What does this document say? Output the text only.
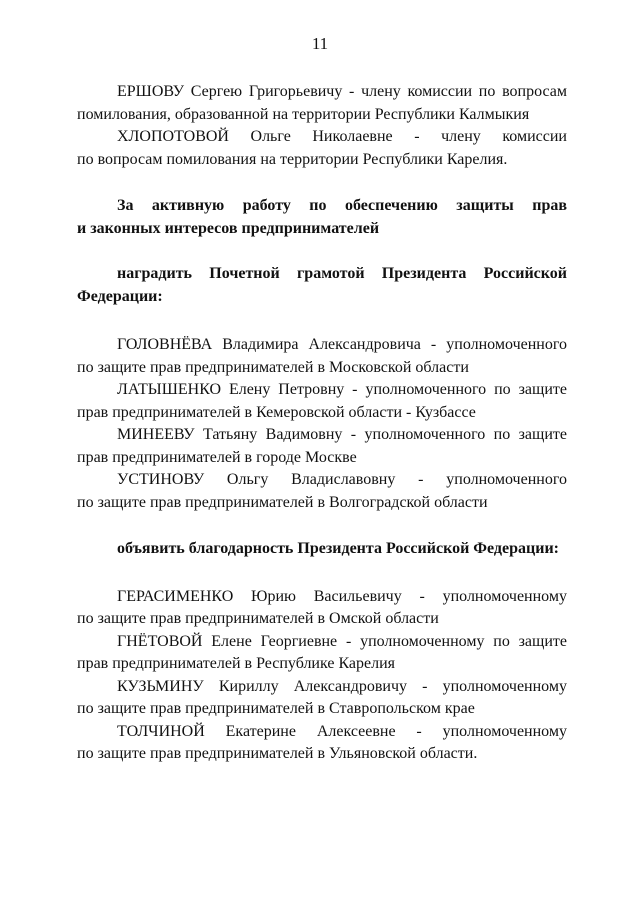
11
ЕРШОВУ Сергею Григорьевичу - члену комиссии по вопросам
помилования, образованной на территории Республики Калмыкия
ХЛОПОТОВОЙ Ольге Николаевне - члену комиссии
по вопросам помилования на территории Республики Карелия.
За активную работу по обеспечению защиты прав
и законных интересов предпринимателей
наградить Почетной грамотой Президента Российской
Федерации:
ГОЛОВНЁВА Владимира Александровича - уполномоченного
по защите прав предпринимателей в Московской области
ЛАТЫШЕНКО Елену Петровну - уполномоченного по защите
прав предпринимателей в Кемеровской области - Кузбассе
МИНЕЕВУ Татьяну Вадимовну - уполномоченного по защите
прав предпринимателей в городе Москве
УСТИНОВУ Ольгу Владиславовну - уполномоченного
по защите прав предпринимателей в Волгоградской области

объявить благодарность Президента Российской Федерации:

ГЕРАСИМЕНКО Юрию Васильевичу - уполномоченному
по защите прав предпринимателей в Омской области
ГНЁТОВОЙ Елене Георгиевне - уполномоченному по защите
прав предпринимателей в Республике Карелия
КУЗЬМИНУ Кириллу Александровичу - уполномоченному
по защите прав предпринимателей в Ставропольском крае
ТОЛЧИНОЙ Екатерине Алексеевне - уполномоченному
по защите прав предпринимателей в Ульяновской области.
